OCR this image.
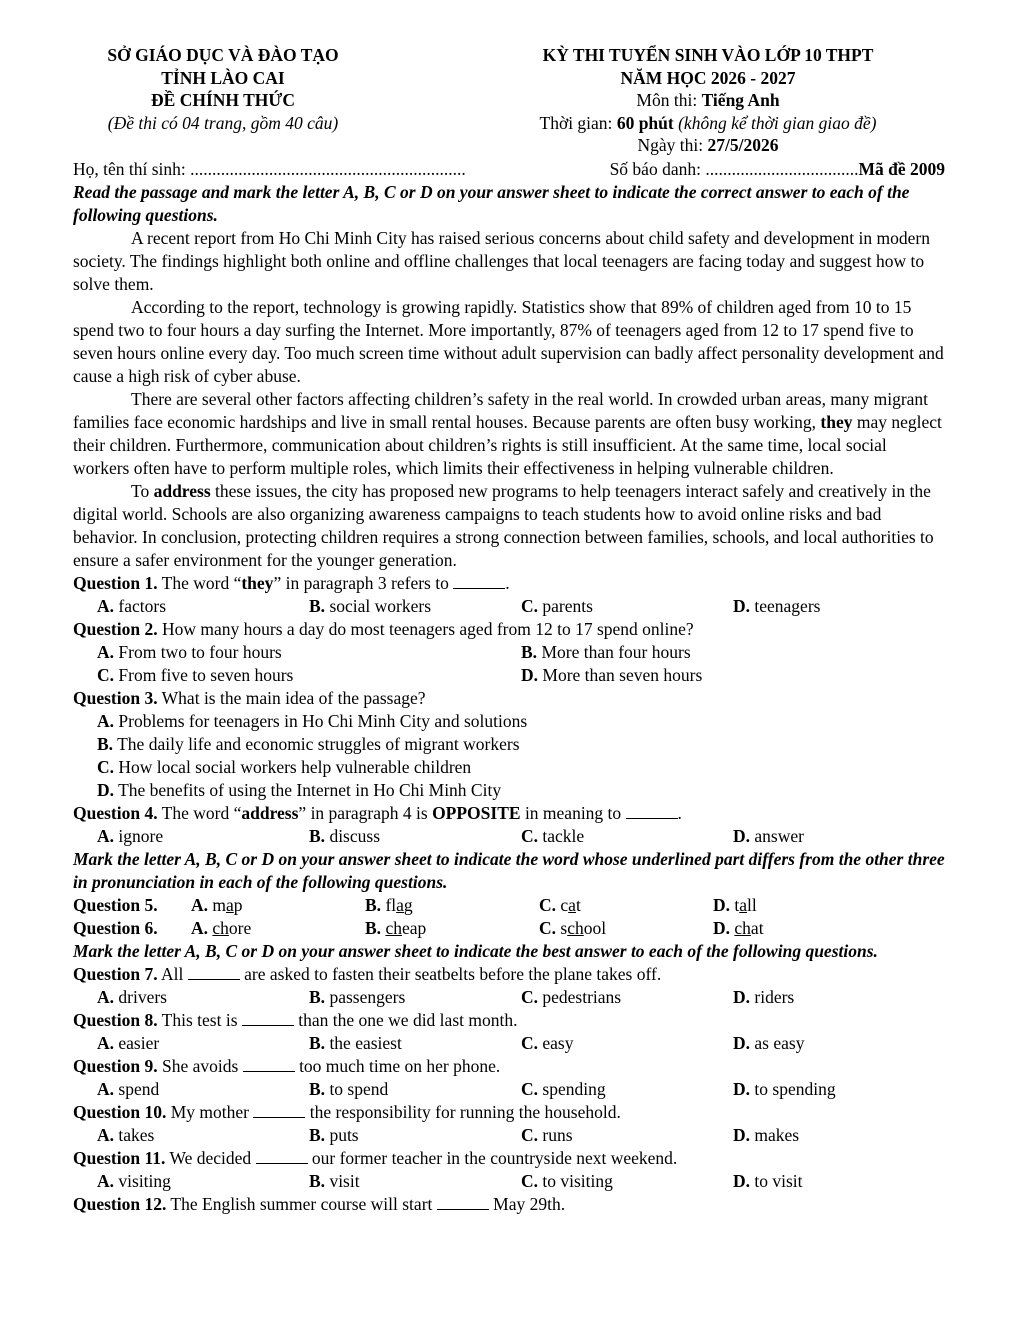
SỞ GIÁO DỤC VÀ ĐÀO TẠO
TỈNH LÀO CAI
ĐỀ CHÍNH THỨC
(Đề thi có 04 trang, gồm 40 câu)
KỲ THI TUYỂN SINH VÀO LỚP 10 THPT
NĂM HỌC 2026 - 2027
Môn thi: Tiếng Anh
Thời gian: 60 phút (không kể thời gian giao đề)
Ngày thi: 27/5/2026
Họ, tên thí sinh: ...............................................................	Số báo danh: ...................................Mã đề 2009
Read the passage and mark the letter A, B, C or D on your answer sheet to indicate the correct answer to each of the following questions.
A recent report from Ho Chi Minh City has raised serious concerns about child safety and development in modern society. The findings highlight both online and offline challenges that local teenagers are facing today and suggest how to solve them.
According to the report, technology is growing rapidly. Statistics show that 89% of children aged from 10 to 15 spend two to four hours a day surfing the Internet. More importantly, 87% of teenagers aged from 12 to 17 spend five to seven hours online every day. Too much screen time without adult supervision can badly affect personality development and cause a high risk of cyber abuse.
There are several other factors affecting children’s safety in the real world. In crowded urban areas, many migrant families face economic hardships and live in small rental houses. Because parents are often busy working, they may neglect their children. Furthermore, communication about children’s rights is still insufficient. At the same time, local social workers often have to perform multiple roles, which limits their effectiveness in helping vulnerable children.
To address these issues, the city has proposed new programs to help teenagers interact safely and creatively in the digital world. Schools are also organizing awareness campaigns to teach students how to avoid online risks and bad behavior. In conclusion, protecting children requires a strong connection between families, schools, and local authorities to ensure a safer environment for the younger generation.
Question 1. The word “they” in paragraph 3 refers to	.
A. factors	B. social workers	C. parents	D. teenagers
Question 2. How many hours a day do most teenagers aged from 12 to 17 spend online?
A. From two to four hours	B. More than four hours
C. From five to seven hours	D. More than seven hours
Question 3. What is the main idea of the passage?
A. Problems for teenagers in Ho Chi Minh City and solutions
B. The daily life and economic struggles of migrant workers
C. How local social workers help vulnerable children
D. The benefits of using the Internet in Ho Chi Minh City
Question 4. The word “address” in paragraph 4 is OPPOSITE in meaning to	.
A. ignore	B. discuss	C. tackle	D. answer
Mark the letter A, B, C or D on your answer sheet to indicate the word whose underlined part differs from the other three in pronunciation in each of the following questions.
Question 5.	A. map	B. flag	C. cat	D. tall
Question 6.	A. chore	B. cheap	C. school	D. chat
Mark the letter A, B, C or D on your answer sheet to indicate the best answer to each of the following questions.
Question 7. All	are asked to fasten their seatbelts before the plane takes off.
A. drivers	B. passengers	C. pedestrians	D. riders
Question 8. This test is	than the one we did last month.
A. easier	B. the easiest	C. easy	D. as easy
Question 9. She avoids	too much time on her phone.
A. spend	B. to spend	C. spending	D. to spending
Question 10. My mother	the responsibility for running the household.
A. takes	B. puts	C. runs	D. makes
Question 11. We decided	our former teacher in the countryside next weekend.
A. visiting	B. visit	C. to visiting	D. to visit
Question 12. The English summer course will start	May 29th.
